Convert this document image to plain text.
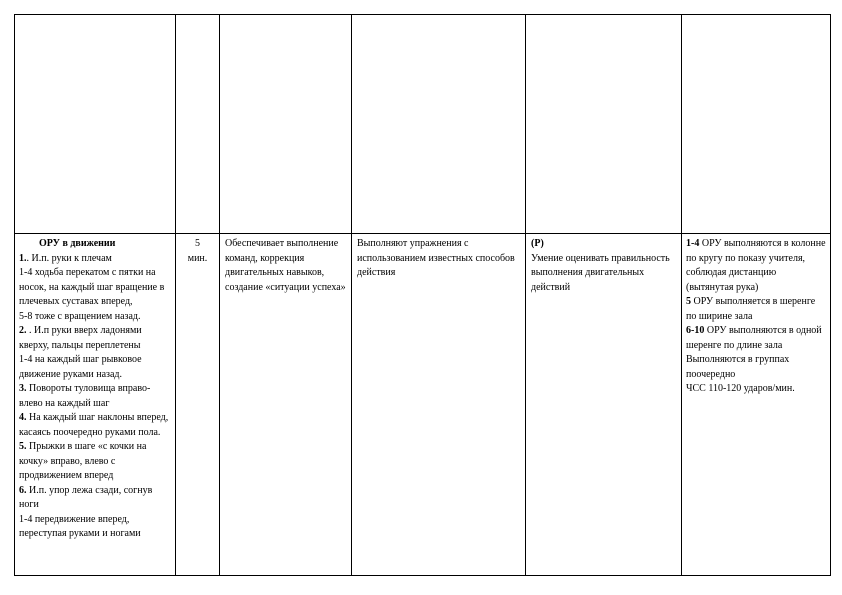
ОРУ в движении

1.. И.п. руки к плечам

1-4 ходьба перекатом с пятки на носок, на каждый шаг вращение в плечевых суставах вперед,

5-8 тоже с вращением назад.

2. . И.п руки вверх ладонями кверху, пальцы переплетены

1-4 на каждый шаг рывковое движение руками назад.

3. Повороты туловища вправо-влево на каждый шаг

4. На каждый шаг наклоны вперед, касаясь поочередно руками пола.

5. Прыжки в шаге «с кочки на кочку» вправо, влево с продвижением вперед

6. И.п. упор лежа сзади, согнув ноги

1-4 передвижение вперед, переступая руками и ногами

5

мин.

Обеспечивает выполнение команд, коррекция двигательных навыков, создание «ситуации успеха»

Выполняют упражнения с использованием известных способов действия

(Р)

Умение оценивать правильность выполнения двигательных действий

1-4 ОРУ выполняются в колонне по кругу по показу учителя, соблюдая дистанцию (вытянутая рука)

5 ОРУ выполняется в шеренге по ширине зала

6-10 ОРУ выполняются в одной шеренге по длине зала

Выполняются в группах поочередно

ЧСС 110-120 ударов/мин.
